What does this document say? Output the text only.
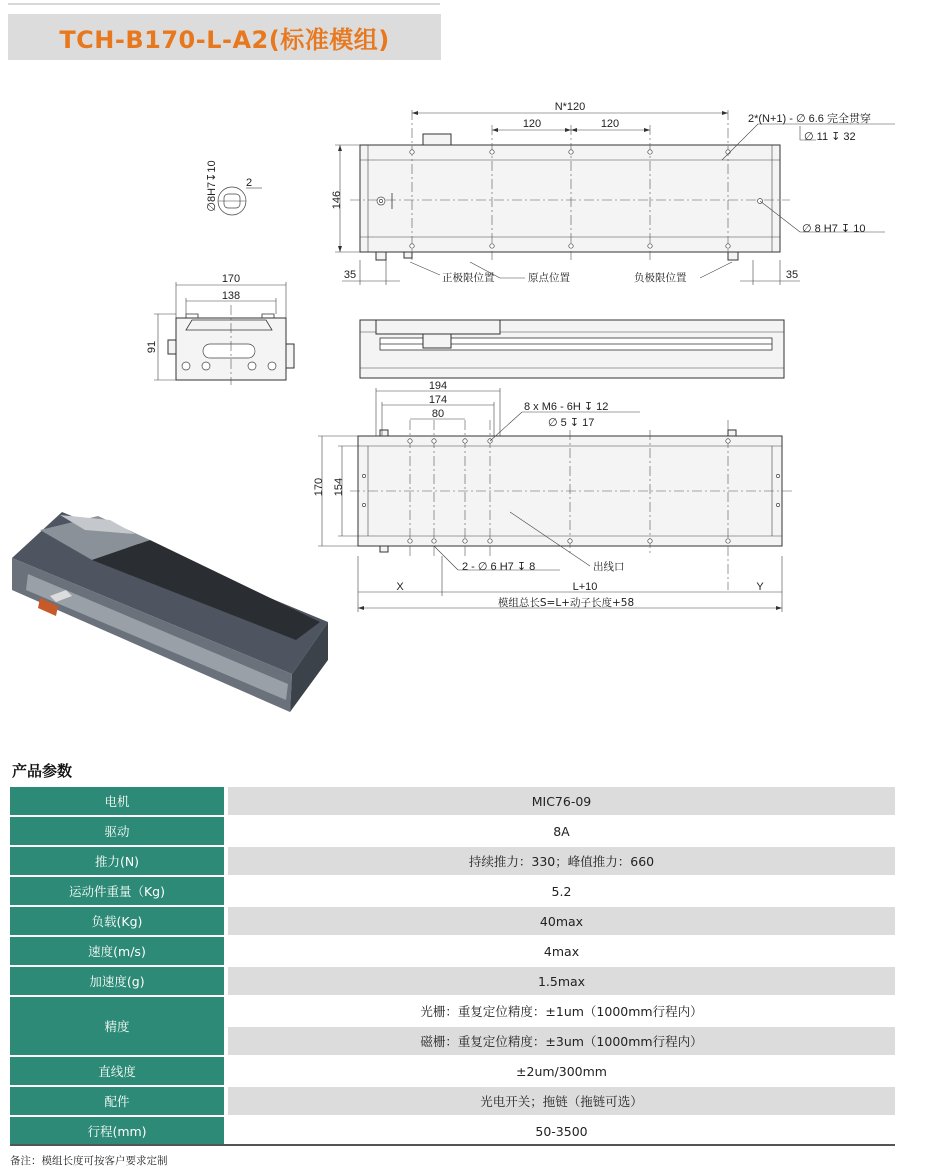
TCH-B170-L-A2(标准模组)
N*120
120	120
146
35	35
2*(N+1) - ∅ 6.6 完全贯穿
∅ 11 ↧ 32
∅ 8 H7 ↧ 10
正极限位置	原点位置	负极限位置
2
∅8H7↧10
170
138
91
194
174
80
8 x M6 - 6H ↧ 12
∅ 5 ↧ 17
170 154
2 - ∅ 6 H7 ↧ 8	出线口
X	L+10	Y
模组总长S=L+动子长度+58
产品参数
电机		MIC76-09
驱动		8A
推力(N)		持续推力：330；峰值推力：660
运动件重量（Kg)		5.2
负载(Kg)		40max
速度(m/s)		4max
加速度(g)		1.5max
精度		光栅：重复定位精度：±1um（1000mm行程内）
		磁栅：重复定位精度：±3um（1000mm行程内）
直线度		±2um/300mm
配件		光电开关；拖链（拖链可选）
行程(mm)		50-3500
备注：模组长度可按客户要求定制
